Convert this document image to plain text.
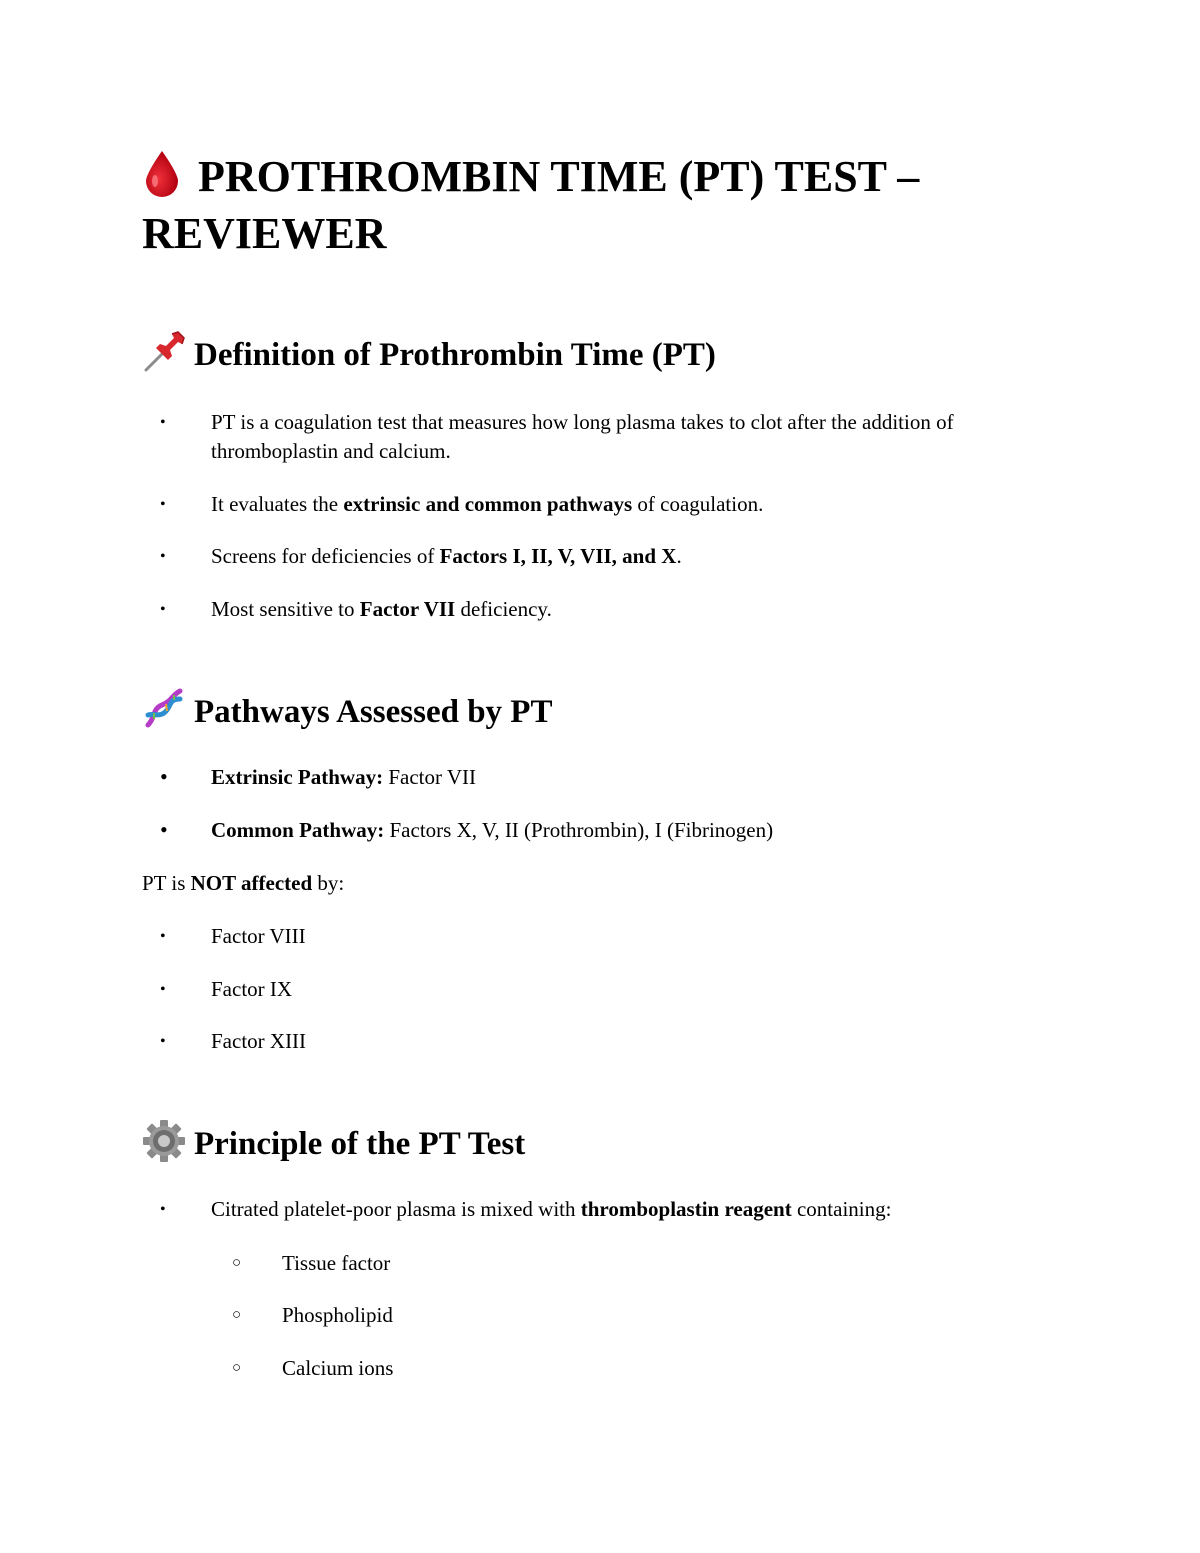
PROTHROMBIN TIME (PT) TEST – REVIEWER
Definition of Prothrombin Time (PT)
•	PT is a coagulation test that measures how long plasma takes to clot after the addition of thromboplastin and calcium.
•	It evaluates the extrinsic and common pathways of coagulation.
•	Screens for deficiencies of Factors I, II, V, VII, and X.
•	Most sensitive to Factor VII deficiency.
Pathways Assessed by PT
•	Extrinsic Pathway: Factor VII
•	Common Pathway: Factors X, V, II (Prothrombin), I (Fibrinogen)
PT is NOT affected by:
•	Factor VIII
•	Factor IX
•	Factor XIII
Principle of the PT Test
•	Citrated platelet-poor plasma is mixed with thromboplastin reagent containing:
○	Tissue factor
○	Phospholipid
○	Calcium ions
